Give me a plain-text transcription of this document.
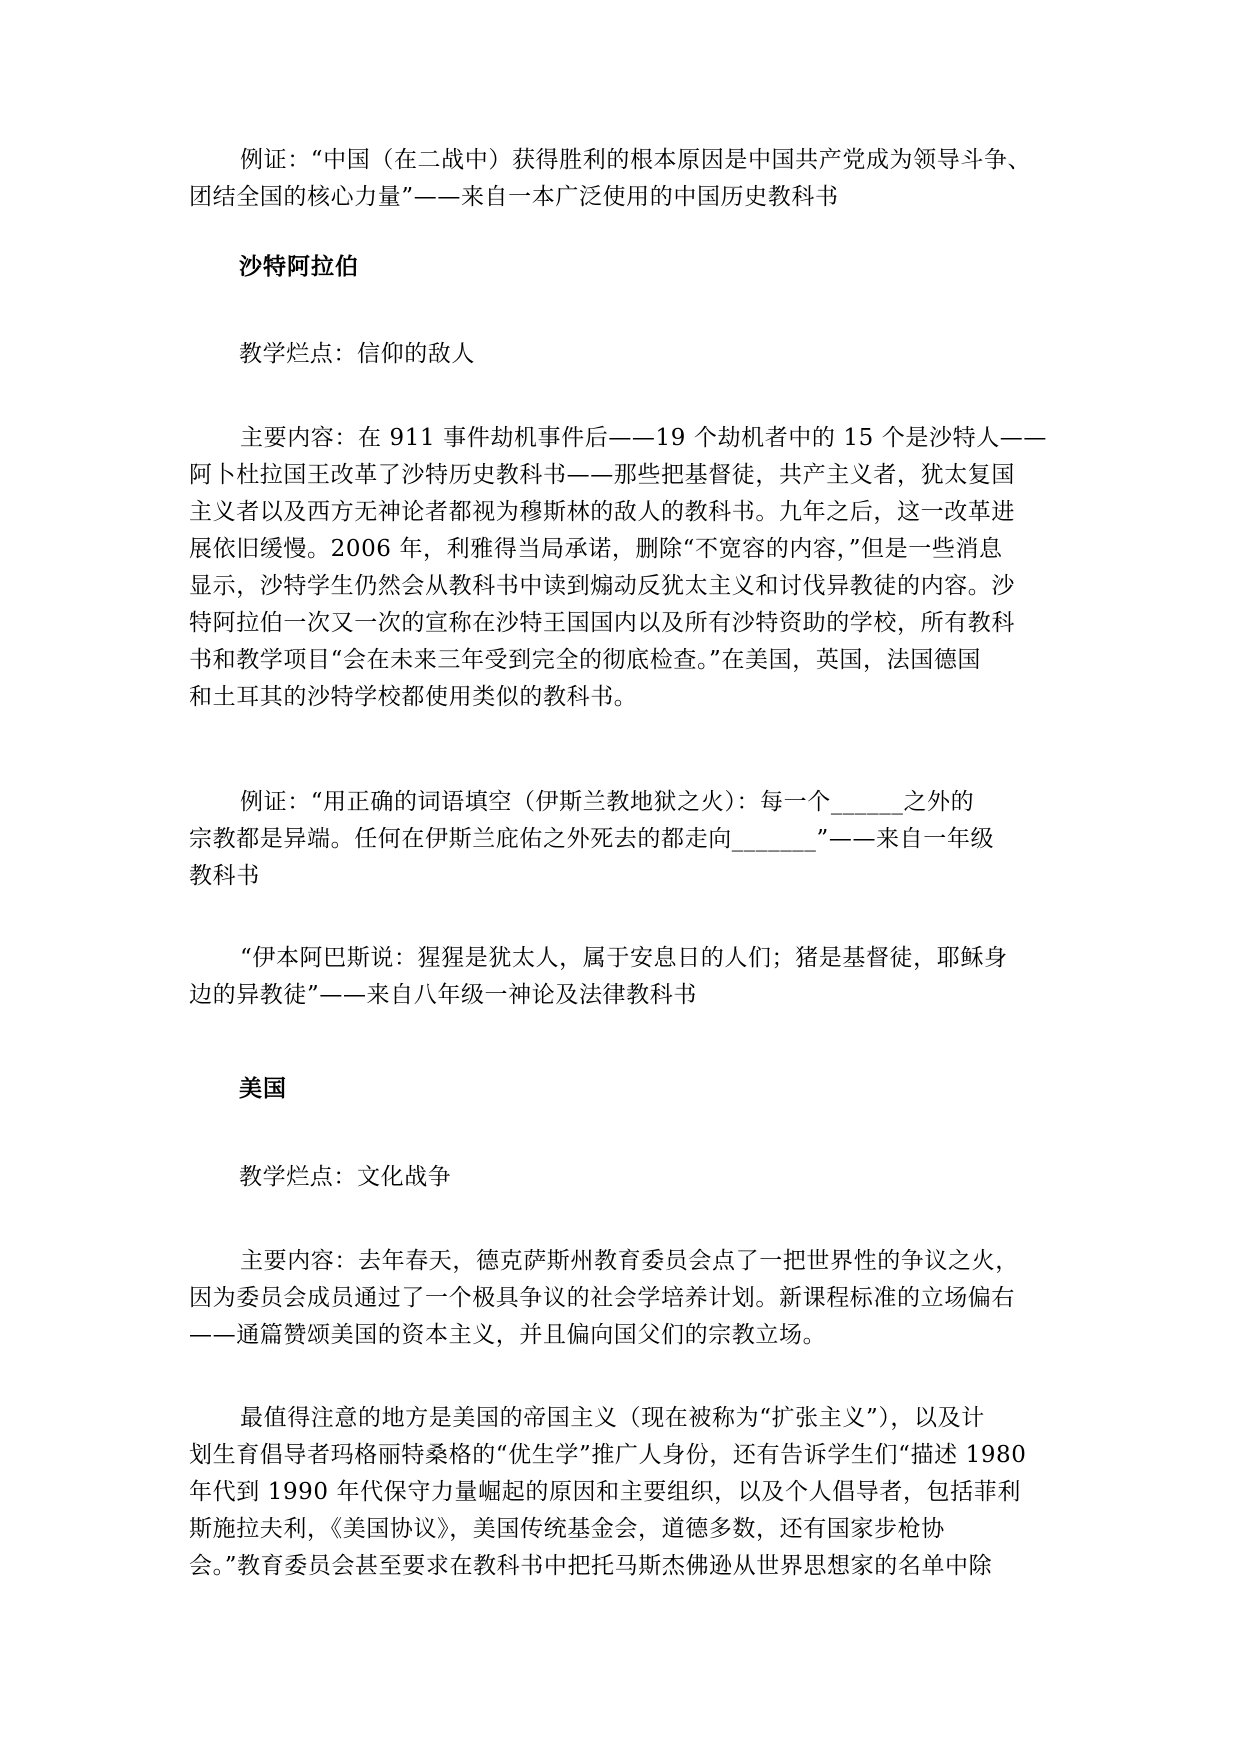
例证：“中国（在二战中）获得胜利的根本原因是中国共产党成为领导斗争、
团结全国的核心力量”——来自一本广泛使用的中国历史教科书

沙特阿拉伯

教学烂点：信仰的敌人

主要内容：在 911 事件劫机事件后——19 个劫机者中的 15 个是沙特人——
阿卜杜拉国王改革了沙特历史教科书——那些把基督徒，共产主义者，犹太复国
主义者以及西方无神论者都视为穆斯林的敌人的教科书。九年之后，这一改革进
展依旧缓慢。2006 年，利雅得当局承诺，删除“不宽容的内容，”但是一些消息
显示，沙特学生仍然会从教科书中读到煽动反犹太主义和讨伐异教徒的内容。沙
特阿拉伯一次又一次的宣称在沙特王国国内以及所有沙特资助的学校，所有教科
书和教学项目“会在未来三年受到完全的彻底检查。”在美国，英国，法国德国
和土耳其的沙特学校都使用类似的教科书。

例证：“用正确的词语填空（伊斯兰教地狱之火）：每一个______之外的
宗教都是异端。任何在伊斯兰庇佑之外死去的都走向_______”——来自一年级
教科书

“伊本阿巴斯说：猩猩是犹太人，属于安息日的人们；猪是基督徒，耶稣身
边的异教徒”——来自八年级一神论及法律教科书

美国

教学烂点：文化战争

主要内容：去年春天，德克萨斯州教育委员会点了一把世界性的争议之火，
因为委员会成员通过了一个极具争议的社会学培养计划。新课程标准的立场偏右
——通篇赞颂美国的资本主义，并且偏向国父们的宗教立场。

最值得注意的地方是美国的帝国主义（现在被称为“扩张主义”），以及计
划生育倡导者玛格丽特桑格的“优生学”推广人身份，还有告诉学生们“描述 1980
年代到 1990 年代保守力量崛起的原因和主要组织，以及个人倡导者，包括菲利
斯施拉夫利，《美国协议》，美国传统基金会，道德多数，还有国家步枪协
会。”教育委员会甚至要求在教科书中把托马斯杰佛逊从世界思想家的名单中除
